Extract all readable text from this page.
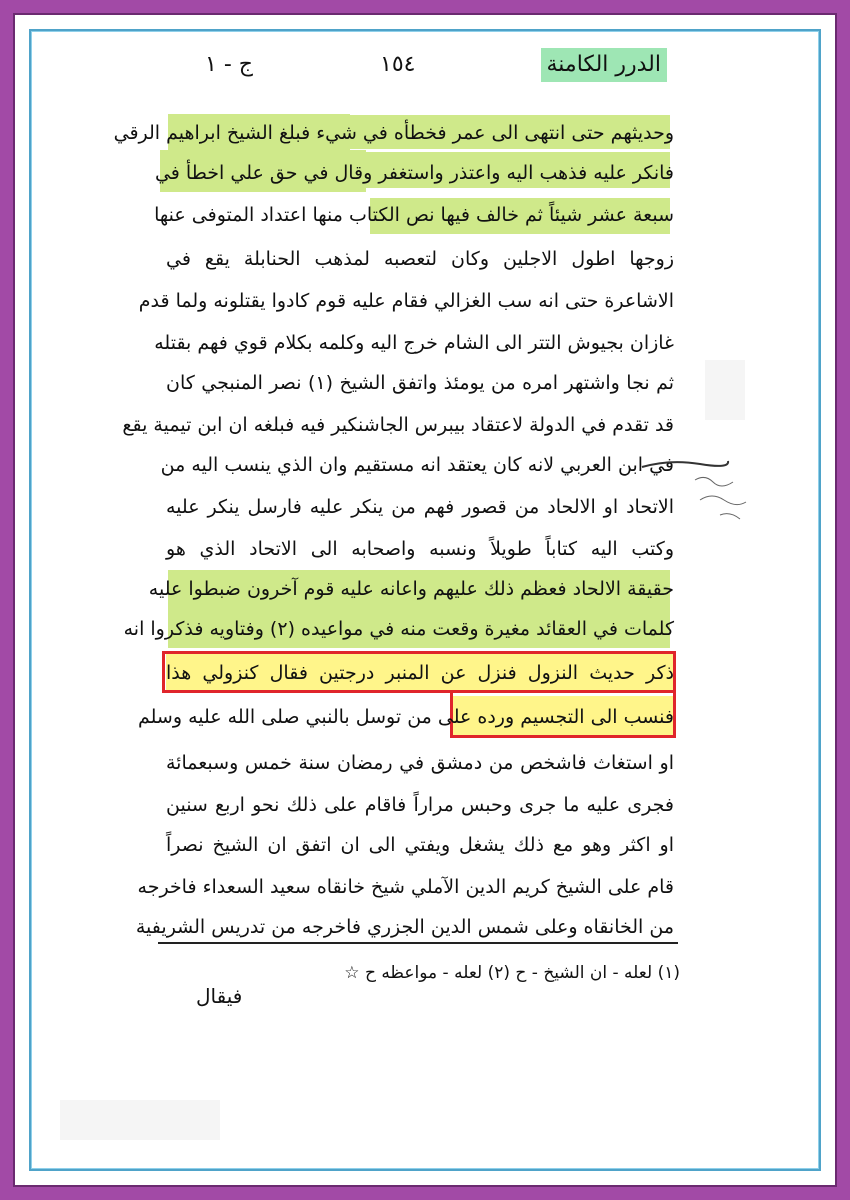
الدرر الكامنة
١٥٤
ج - ١
وحديثهم حتى انتهى الى عمر فخطأه في شيء فبلغ الشيخ ابراهيم الرقي
فانكر عليه فذهب اليه واعتذر واستغفر وقال في حق علي اخطأ في
سبعة عشر شيئاً ثم خالف فيها نص الكتاب منها اعتداد المتوفى عنها
زوجها اطول الاجلين وكان لتعصبه لمذهب الحنابلة يقع في
الاشاعرة حتى انه سب الغزالي فقام عليه قوم كادوا يقتلونه ولما قدم
غازان بجيوش التتر الى الشام خرج اليه وكلمه بكلام قوي فهم بقتله
ثم نجا واشتهر امره من يومئذ واتفق الشيخ (١) نصر المنبجي كان
قد تقدم في الدولة لاعتقاد بيبرس الجاشنكير فيه فبلغه ان ابن تيمية يقع
في ابن العربي لانه كان يعتقد انه مستقيم وان الذي ينسب اليه من
الاتحاد او الالحاد من قصور فهم من ينكر عليه فارسل ينكر عليه
وكتب اليه كتاباً طويلاً ونسبه واصحابه الى الاتحاد الذي هو
حقيقة الالحاد فعظم ذلك عليهم واعانه عليه قوم آخرون ضبطوا عليه
كلمات في العقائد مغيرة وقعت منه في مواعيده (٢) وفتاويه فذكروا انه
ذكر حديث النزول فنزل عن المنبر درجتين فقال كنزولي هذا
فنسب الى التجسيم ورده على من توسل بالنبي صلى الله عليه وسلم
او استغاث فاشخص من دمشق في رمضان سنة خمس وسبعمائة
فجرى عليه ما جرى وحبس مراراً فاقام على ذلك نحو اربع سنين
او اكثر وهو مع ذلك يشغل ويفتي الى ان اتفق ان الشيخ نصراً
قام على الشيخ كريم الدين الآملي شيخ خانقاه سعيد السعداء فاخرجه
من الخانقاه وعلى شمس الدين الجزري فاخرجه من تدريس الشريفية
(١) لعله - ان الشيخ - ح (٢) لعله - مواعظه ح ☆
فيقال
